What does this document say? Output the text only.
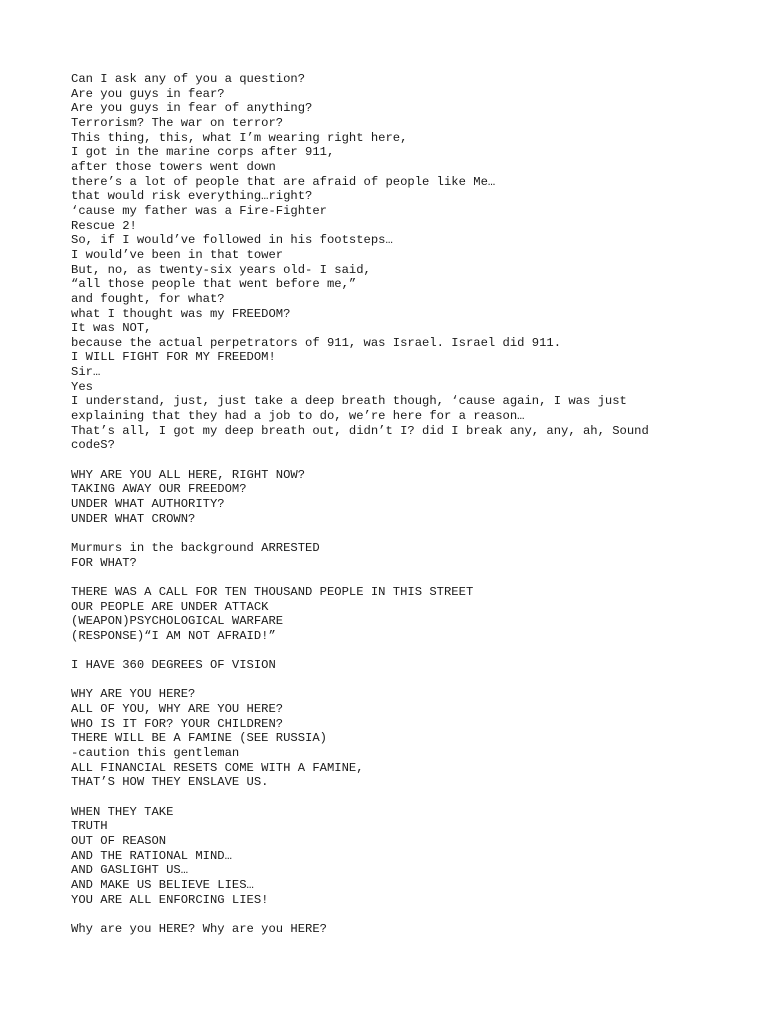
Can I ask any of you a question?
Are you guys in fear?
Are you guys in fear of anything?
Terrorism? The war on terror?
This thing, this, what I’m wearing right here,
I got in the marine corps after 911,
after those towers went down
there’s a lot of people that are afraid of people like Me…
that would risk everything…right?
‘cause my father was a Fire-Fighter
Rescue 2!
So, if I would’ve followed in his footsteps…
I would’ve been in that tower
But, no, as twenty-six years old- I said,
“all those people that went before me,”
and fought, for what?
what I thought was my FREEDOM?
It was NOT,
because the actual perpetrators of 911, was Israel. Israel did 911.
I WILL FIGHT FOR MY FREEDOM!
Sir…
Yes
I understand, just, just take a deep breath though, ‘cause again, I was just
explaining that they had a job to do, we’re here for a reason…
That’s all, I got my deep breath out, didn’t I? did I break any, any, ah, Sound
codeS?
WHY ARE YOU ALL HERE, RIGHT NOW?
TAKING AWAY OUR FREEDOM?
UNDER WHAT AUTHORITY?
UNDER WHAT CROWN?
Murmurs in the background ARRESTED
FOR WHAT?
THERE WAS A CALL FOR TEN THOUSAND PEOPLE IN THIS STREET
OUR PEOPLE ARE UNDER ATTACK
(WEAPON)PSYCHOLOGICAL WARFARE
(RESPONSE)“I AM NOT AFRAID!”
I HAVE 360 DEGREES OF VISION
WHY ARE YOU HERE?
ALL OF YOU, WHY ARE YOU HERE?
WHO IS IT FOR? YOUR CHILDREN?
THERE WILL BE A FAMINE (SEE RUSSIA)
-caution this gentleman
ALL FINANCIAL RESETS COME WITH A FAMINE,
THAT’S HOW THEY ENSLAVE US.
WHEN THEY TAKE
TRUTH
OUT OF REASON
AND THE RATIONAL MIND…
AND GASLIGHT US…
AND MAKE US BELIEVE LIES…
YOU ARE ALL ENFORCING LIES!
Why are you HERE? Why are you HERE?
